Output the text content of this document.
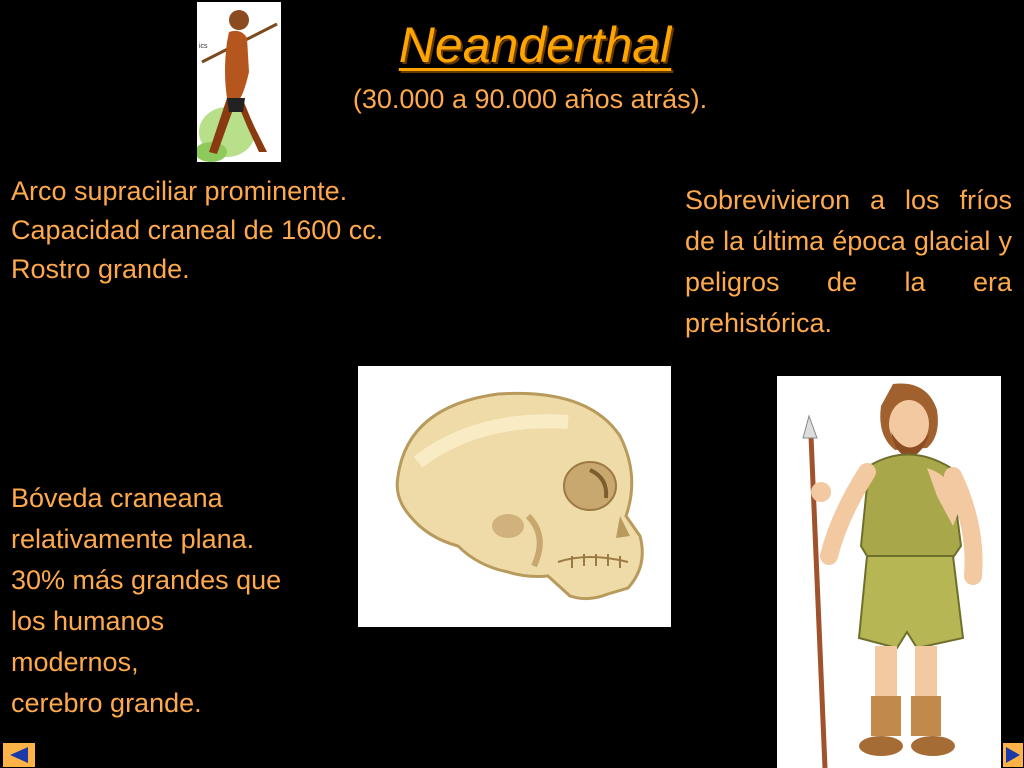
ics	Neanderthal
(30.000 a 90.000 años atrás).
Arco supraciliar prominente.
Capacidad craneal de 1600 cc.
Rostro grande.
Sobrevivieron a los fríos de la última época glacial y peligros de la era prehistórica.
Bóveda craneana
relativamente plana.
30% más grandes que
los humanos
modernos,
cerebro grande.
